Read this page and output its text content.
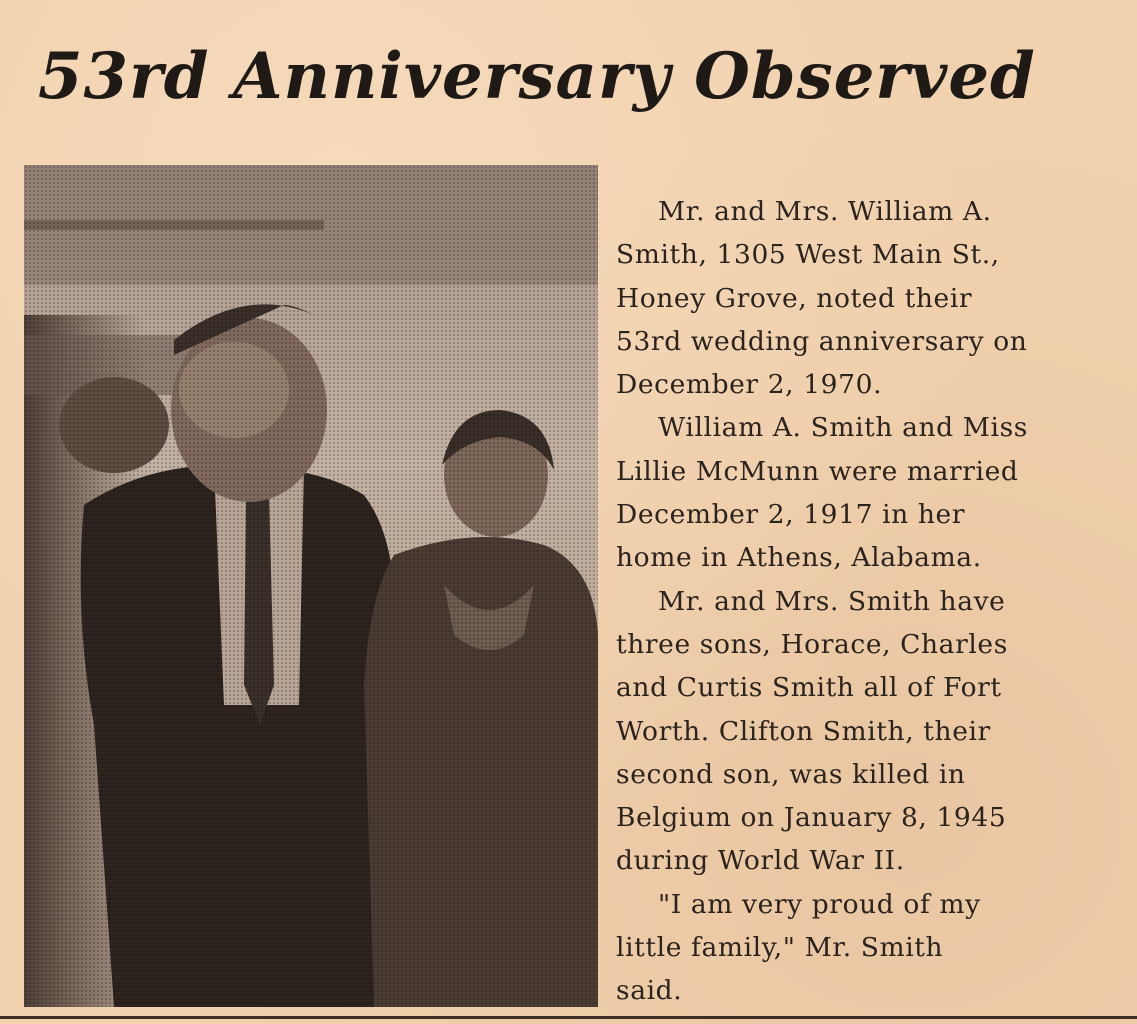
53rd Anniversary Observed
Mr. and Mrs. William A.
Smith, 1305 West Main St.,
Honey Grove, noted their
53rd wedding anniversary on
December 2, 1970.
William A. Smith and Miss
Lillie McMunn were married
December 2, 1917 in her
home in Athens, Alabama.
Mr. and Mrs. Smith have
three sons, Horace, Charles
and Curtis Smith all of Fort
Worth. Clifton Smith, their
second son, was killed in
Belgium on January 8, 1945
during World War II.
"I am very proud of my
little family," Mr. Smith
said.
